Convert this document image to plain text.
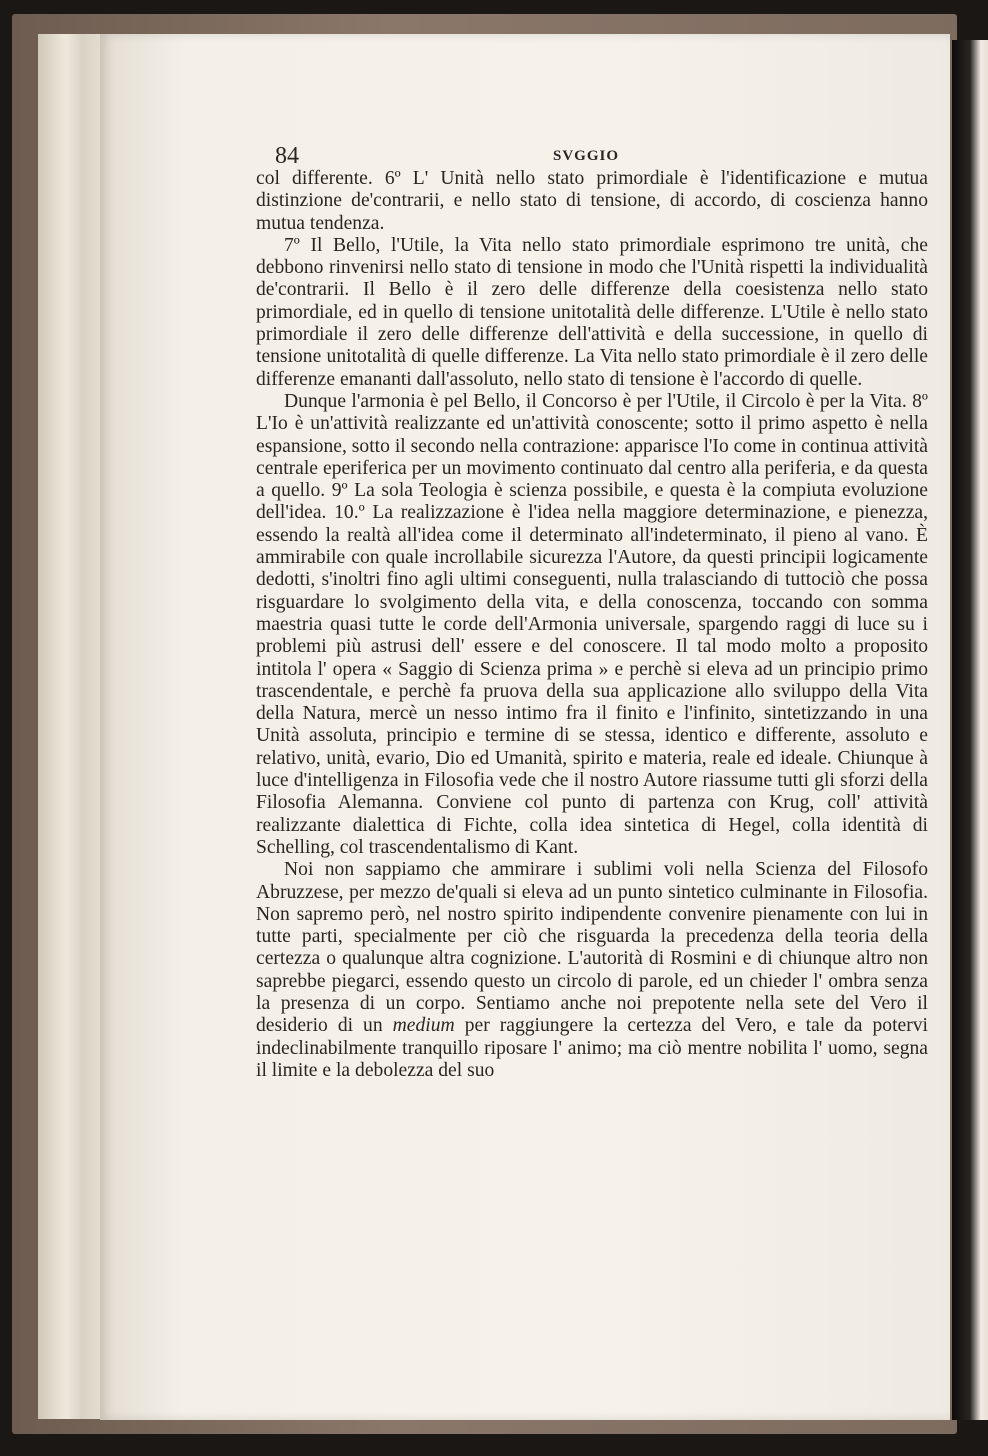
84	SVGGIO

col differente. 6º L' Unità nello stato primordiale è l'identificazione e mutua distinzione de'contrarii, e nello stato di tensione, di accordo, di coscienza hanno mutua tendenza.

7º Il Bello, l'Utile, la Vita nello stato primordiale esprimono tre unità, che debbono rinvenirsi nello stato di tensione in modo che l'Unità rispetti la individualità de'contrarii. Il Bello è il zero delle differenze della coesistenza nello stato primordiale, ed in quello di tensione unitotalità delle differenze. L'Utile è nello stato primordiale il zero delle differenze dell'attività e della successione, in quello di tensione unitotalità di quelle differenze. La Vita nello stato primordiale è il zero delle differenze emananti dall'assoluto, nello stato di tensione è l'accordo di quelle.

Dunque l'armonia è pel Bello, il Concorso è per l'Utile, il Circolo è per la Vita. 8º L'Io è un'attività realizzante ed un'attività conoscente; sotto il primo aspetto è nella espansione, sotto il secondo nella contrazione: apparisce l'Io come in continua attività centrale eperiferica per un movimento continuato dal centro alla periferia, e da questa a quello. 9º La sola Teologia è scienza possibile, e questa è la compiuta evoluzione dell'idea. 10.º La realizzazione è l'idea nella maggiore determinazione, e pienezza, essendo la realtà all'idea come il determinato all'indeterminato, il pieno al vano. È ammirabile con quale incrollabile sicurezza l'Autore, da questi principii logicamente dedotti, s'inoltri fino agli ultimi conseguenti, nulla tralasciando di tuttociò che possa risguardare lo svolgimento della vita, e della conoscenza, toccando con somma maestria quasi tutte le corde dell'Armonia universale, spargendo raggi di luce su i problemi più astrusi dell' essere e del conoscere. Il tal modo molto a proposito intitola l' opera « Saggio di Scienza prima » e perchè si eleva ad un principio primo trascendentale, e perchè fa pruova della sua applicazione allo sviluppo della Vita della Natura, mercè un nesso intimo fra il finito e l'infinito, sintetizzando in una Unità assoluta, principio e termine di se stessa, identico e differente, assoluto e relativo, unità, evario, Dio ed Umanità, spirito e materia, reale ed ideale. Chiunque à luce d'intelligenza in Filosofia vede che il nostro Autore riassume tutti gli sforzi della Filosofia Alemanna. Conviene col punto di partenza con Krug, coll' attività realizzante dialettica di Fichte, colla idea sintetica di Hegel, colla identità di Schelling, col trascendentalismo di Kant.

Noi non sappiamo che ammirare i sublimi voli nella Scienza del Filosofo Abruzzese, per mezzo de'quali si eleva ad un punto sintetico culminante in Filosofia. Non sapremo però, nel nostro spirito indipendente convenire pienamente con lui in tutte parti, specialmente per ciò che risguarda la precedenza della teoria della certezza o qualunque altra cognizione. L'autorità di Rosmini e di chiunque altro non saprebbe piegarci, essendo questo un circolo di parole, ed un chieder l' ombra senza la presenza di un corpo. Sentiamo anche noi prepotente nella sete del Vero il desiderio di un medium per raggiungere la certezza del Vero, e tale da potervi indeclinabilmente tranquillo riposare l' animo; ma ciò mentre nobilita l' uomo, segna il limite e la debolezza del suo
